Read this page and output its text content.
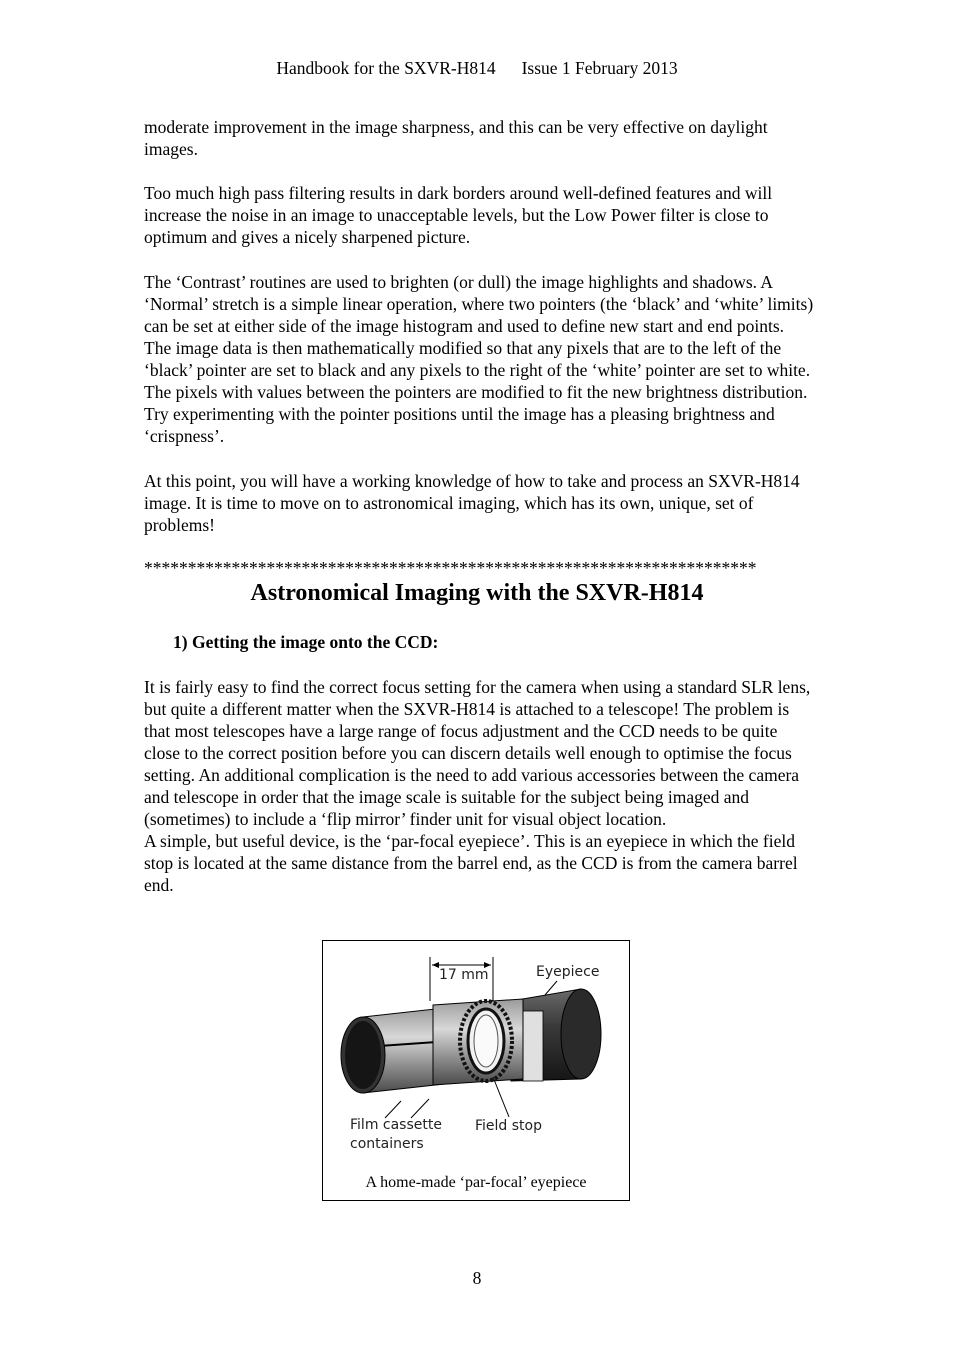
Handbook for the SXVR-H814 Issue 1 February 2013

moderate improvement in the image sharpness, and this can be very effective on daylight images.

Too much high pass filtering results in dark borders around well-defined features and will increase the noise in an image to unacceptable levels, but the Low Power filter is close to optimum and gives a nicely sharpened picture.

The ‘Contrast’ routines are used to brighten (or dull) the image highlights and shadows. A ‘Normal’ stretch is a simple linear operation, where two pointers (the ‘black’ and ‘white’ limits) can be set at either side of the image histogram and used to define new start and end points. The image data is then mathematically modified so that any pixels that are to the left of the ‘black’ pointer are set to black and any pixels to the right of the ‘white’ pointer are set to white. The pixels with values between the pointers are modified to fit the new brightness distribution. Try experimenting with the pointer positions until the image has a pleasing brightness and ‘crispness’.

At this point, you will have a working knowledge of how to take and process an SXVR-H814 image. It is time to move on to astronomical imaging, which has its own, unique, set of problems!

**********************************************************************
Astronomical Imaging with the SXVR-H814
1) Getting the image onto the CCD:

It is fairly easy to find the correct focus setting for the camera when using a standard SLR lens, but quite a different matter when the SXVR-H814 is attached to a telescope! The problem is that most telescopes have a large range of focus adjustment and the CCD needs to be quite close to the correct position before you can discern details well enough to optimise the focus setting. An additional complication is the need to add various accessories between the camera and telescope in order that the image scale is suitable for the subject being imaged and (sometimes) to include a ‘flip mirror’ finder unit for visual object location.

A simple, but useful device, is the ‘par-focal eyepiece’. This is an eyepiece in which the field stop is located at the same distance from the barrel end, as the CCD is from the camera barrel end.

17 mm	Eyepiece
Film cassette
containers
Field stop
A home-made ‘par-focal’ eyepiece
8
